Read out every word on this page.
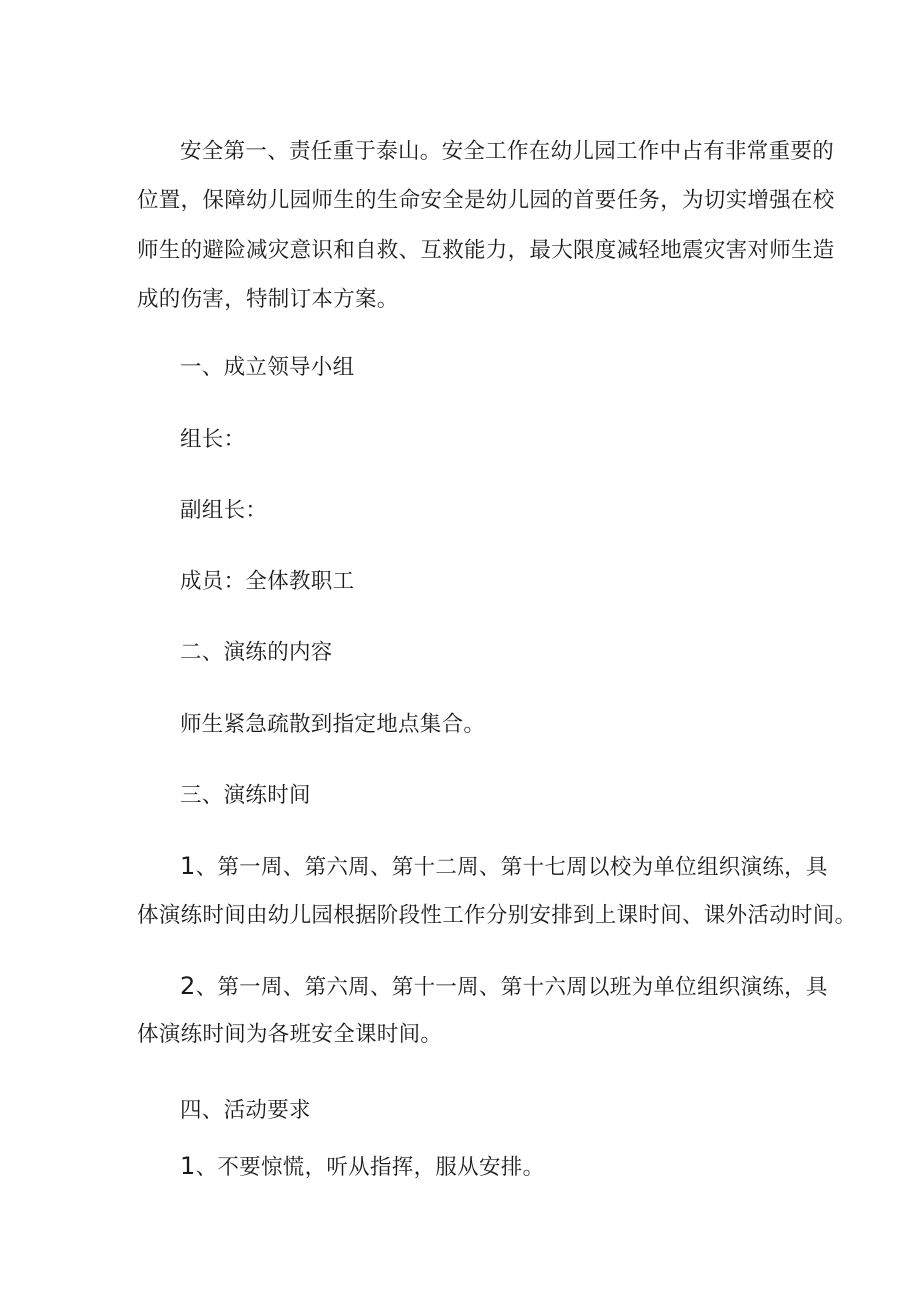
安全第一、责任重于泰山。安全工作在幼儿园工作中占有非常重要的

位置，保障幼儿园师生的生命安全是幼儿园的首要任务，为切实增强在校

师生的避险减灾意识和自救、互救能力，最大限度减轻地震灾害对师生造

成的伤害，特制订本方案。

一、成立领导小组

组长：

副组长：

成员：全体教职工

二、演练的内容

师生紧急疏散到指定地点集合。

三、演练时间

1、第一周、第六周、第十二周、第十七周以校为单位组织演练，具

体演练时间由幼儿园根据阶段性工作分别安排到上课时间、课外活动时间。

2、第一周、第六周、第十一周、第十六周以班为单位组织演练，具

体演练时间为各班安全课时间。

四、活动要求

1、不要惊慌，听从指挥，服从安排。
